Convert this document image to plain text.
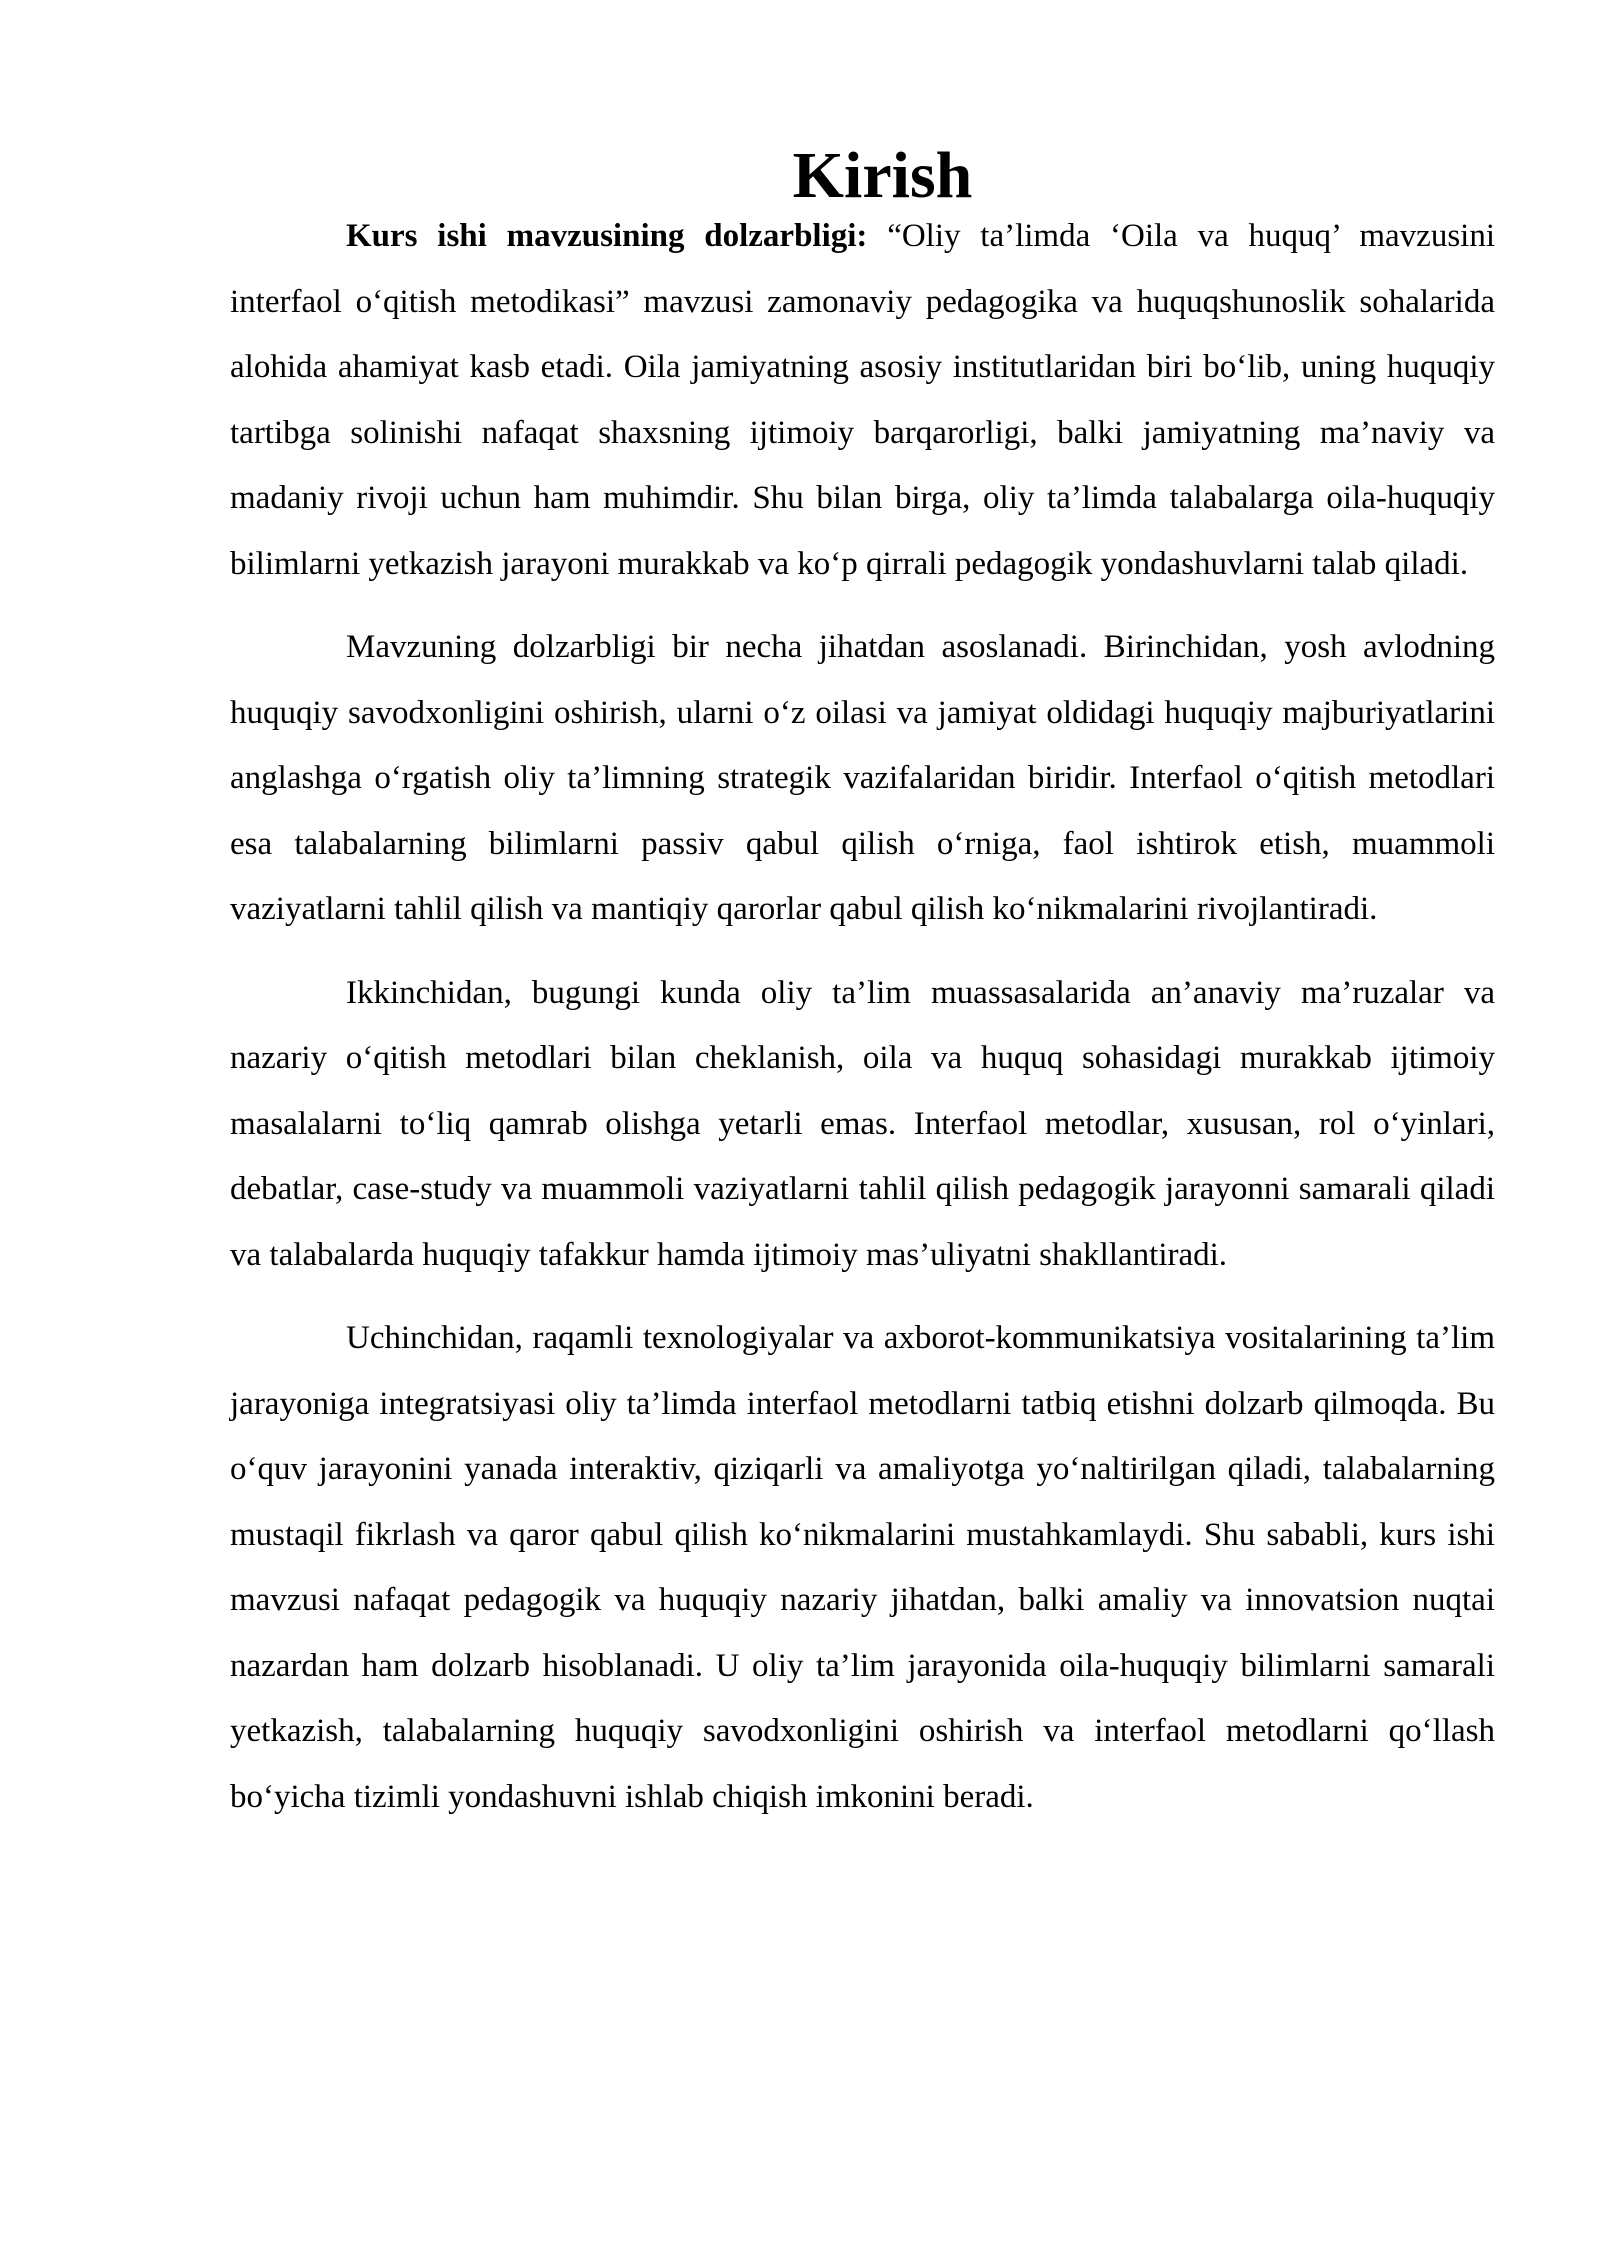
Kirish

Kurs ishi mavzusining dolzarbligi: “Oliy ta’limda ‘Oila va huquq’ mavzusini interfaol o‘qitish metodikasi” mavzusi zamonaviy pedagogika va huquqshunoslik sohalarida alohida ahamiyat kasb etadi. Oila jamiyatning asosiy institutlaridan biri bo‘lib, uning huquqiy tartibga solinishi nafaqat shaxsning ijtimoiy barqarorligi, balki jamiyatning ma’naviy va madaniy rivoji uchun ham muhimdir. Shu bilan birga, oliy ta’limda talabalarga oila-huquqiy bilimlarni yetkazish jarayoni murakkab va ko‘p qirrali pedagogik yondashuvlarni talab qiladi.

Mavzuning dolzarbligi bir necha jihatdan asoslanadi. Birinchidan, yosh avlodning huquqiy savodxonligini oshirish, ularni o‘z oilasi va jamiyat oldidagi huquqiy majburiyatlarini anglashga o‘rgatish oliy ta’limning strategik vazifalaridan biridir. Interfaol o‘qitish metodlari esa talabalarning bilimlarni passiv qabul qilish o‘rniga, faol ishtirok etish, muammoli vaziyatlarni tahlil qilish va mantiqiy qarorlar qabul qilish ko‘nikmalarini rivojlantiradi.

Ikkinchidan, bugungi kunda oliy ta’lim muassasalarida an’anaviy ma’ruzalar va nazariy o‘qitish metodlari bilan cheklanish, oila va huquq sohasidagi murakkab ijtimoiy masalalarni to‘liq qamrab olishga yetarli emas. Interfaol metodlar, xususan, rol o‘yinlari, debatlar, case-study va muammoli vaziyatlarni tahlil qilish pedagogik jarayonni samarali qiladi va talabalarda huquqiy tafakkur hamda ijtimoiy mas’uliyatni shakllantiradi.

Uchinchidan, raqamli texnologiyalar va axborot-kommunikatsiya vositalarining ta’lim jarayoniga integratsiyasi oliy ta’limda interfaol metodlarni tatbiq etishni dolzarb qilmoqda. Bu o‘quv jarayonini yanada interaktiv, qiziqarli va amaliyotga yo‘naltirilgan qiladi, talabalarning mustaqil fikrlash va qaror qabul qilish ko‘nikmalarini mustahkamlaydi. Shu sababli, kurs ishi mavzusi nafaqat pedagogik va huquqiy nazariy jihatdan, balki amaliy va innovatsion nuqtai nazardan ham dolzarb hisoblanadi. U oliy ta’lim jarayonida oila-huquqiy bilimlarni samarali yetkazish, talabalarning huquqiy savodxonligini oshirish va interfaol metodlarni qo‘llash bo‘yicha tizimli yondashuvni ishlab chiqish imkonini beradi.
